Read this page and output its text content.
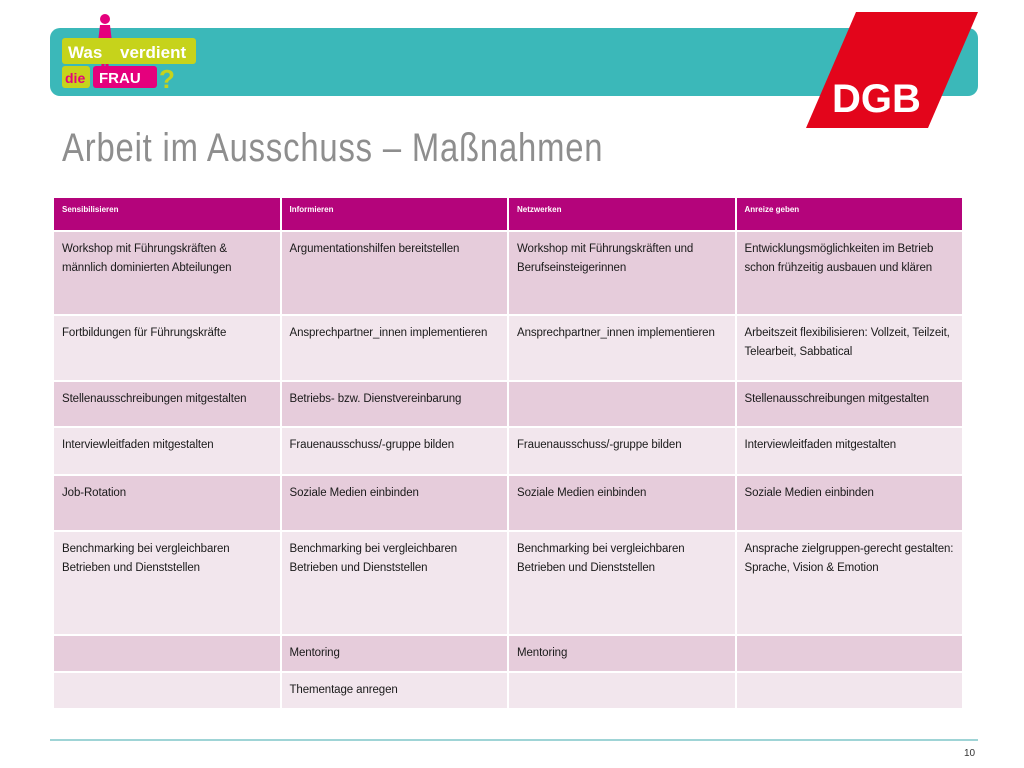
Was verdient
die FRAU ?	DGB
Arbeit im Ausschuss – Maßnahmen
Sensibilisieren	Informieren	Netzwerken	Anreize geben
Workshop mit Führungskräften & männlich dominierten Abteilungen	Argumentationshilfen bereitstellen	Workshop mit Führungskräften und Berufseinsteigerinnen	Entwicklungsmöglichkeiten im Betrieb schon frühzeitig ausbauen und klären
Fortbildungen für Führungskräfte	Ansprechpartner_innen implementieren	Ansprechpartner_innen implementieren	Arbeitszeit flexibilisieren: Vollzeit, Teilzeit, Telearbeit, Sabbatical
Stellenausschreibungen mitgestalten	Betriebs- bzw. Dienstvereinbarung		Stellenausschreibungen mitgestalten
Interviewleitfaden mitgestalten	Frauenausschuss/-gruppe bilden	Frauenausschuss/-gruppe bilden	Interviewleitfaden mitgestalten
Job-Rotation	Soziale Medien einbinden	Soziale Medien einbinden	Soziale Medien einbinden
Benchmarking bei vergleichbaren Betrieben und Dienststellen	Benchmarking bei vergleichbaren Betrieben und Dienststellen	Benchmarking bei vergleichbaren Betrieben und Dienststellen	Ansprache zielgruppen-gerecht gestalten: Sprache, Vision & Emotion
	Mentoring	Mentoring	
	Thementage anregen		
10
